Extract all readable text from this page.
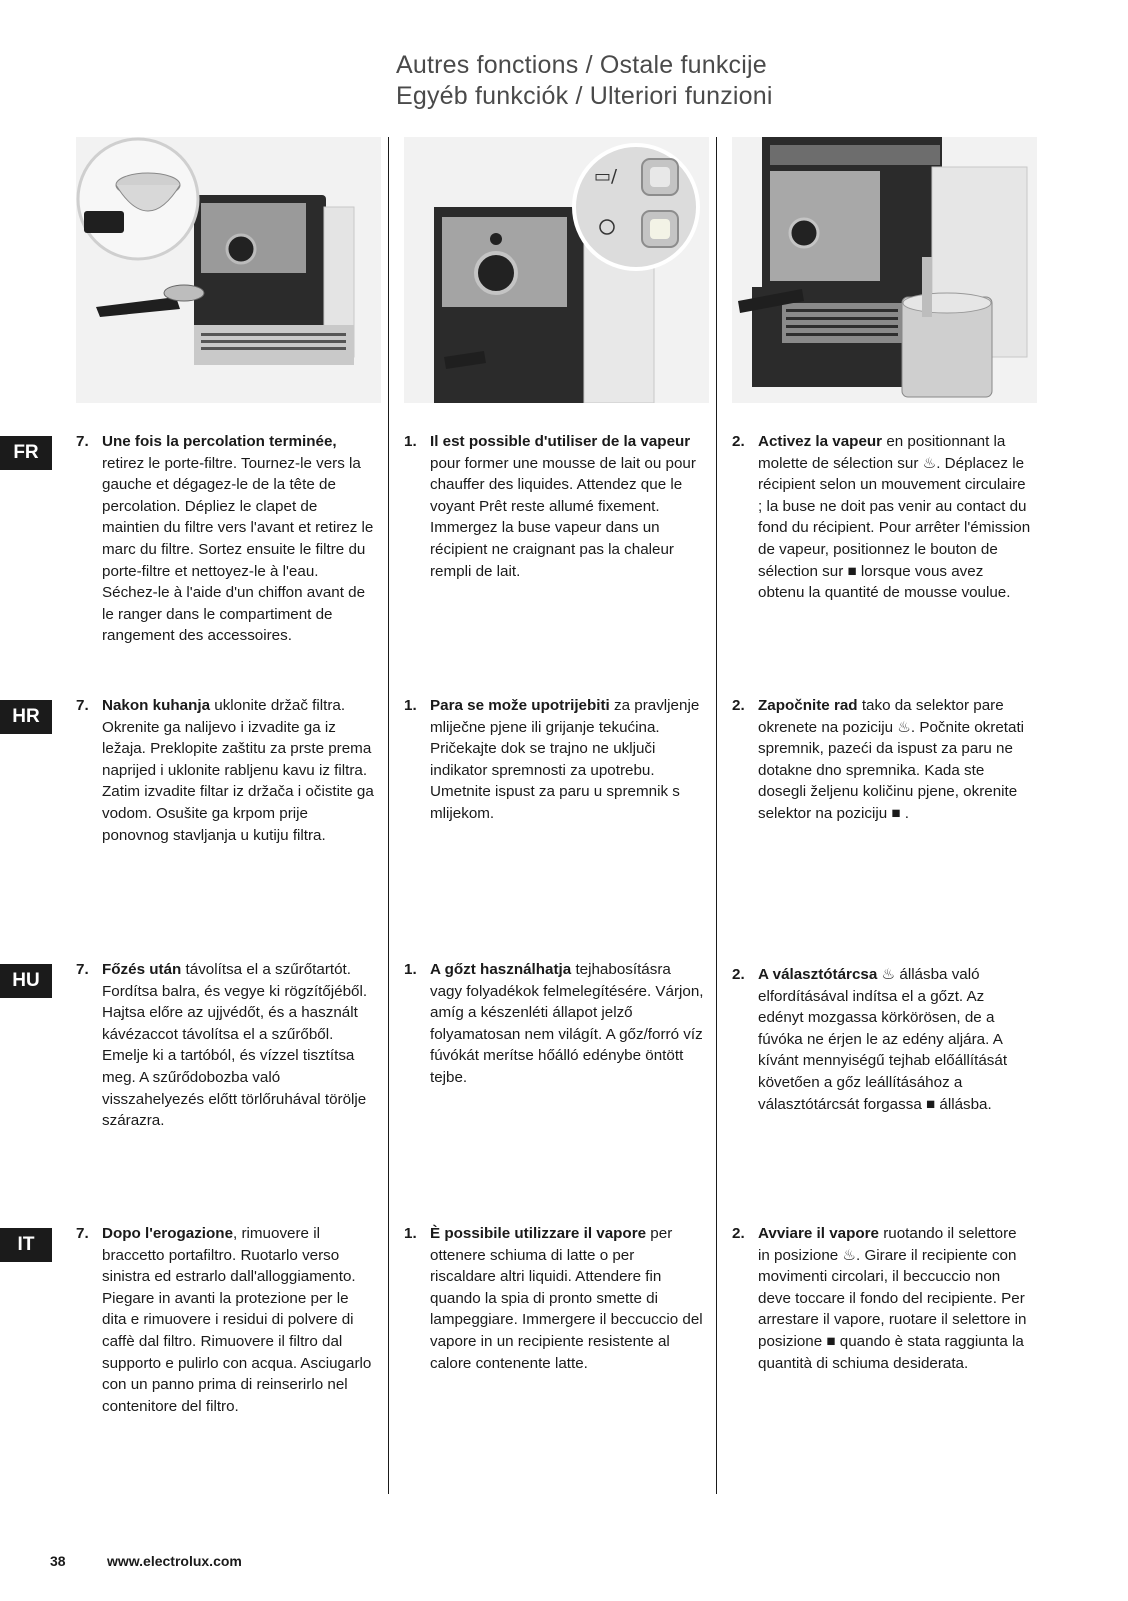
Autres fonctions / Ostale funkcije
Egyéb funkciók / Ulteriori funzioni
▭/
FR
HR
HU
IT
7. Une fois la percolation terminée, retirez le porte-filtre. Tournez-le vers la gauche et dégagez-le de la tête de percolation. Dépliez le clapet de maintien du filtre vers l'avant et retirez le marc du filtre. Sortez ensuite le filtre du porte-filtre et nettoyez-le à l'eau. Séchez-le à l'aide d'un chiffon avant de le ranger dans le compartiment de rangement des accessoires.
1. Il est possible d'utiliser de la vapeur pour former une mousse de lait ou pour chauffer des liquides. Attendez que le voyant Prêt reste allumé fixement. Immergez la buse vapeur dans un récipient ne craignant pas la chaleur rempli de lait.
2. Activez la vapeur en positionnant la molette de sélection sur ♨. Déplacez le récipient selon un mouvement circulaire ; la buse ne doit pas venir au contact du fond du récipient. Pour arrêter l'émission de vapeur, positionnez le bouton de sélection sur ■ lorsque vous avez obtenu la quantité de mousse voulue.
7. Nakon kuhanja uklonite držač filtra. Okrenite ga nalijevo i izvadite ga iz ležaja. Preklopite zaštitu za prste prema naprijed i uklonite rabljenu kavu iz filtra. Zatim izvadite filtar iz držača i očistite ga vodom. Osušite ga krpom prije ponovnog stavljanja u kutiju filtra.
1. Para se može upotrijebiti za pravljenje mliječne pjene ili grijanje tekućina. Pričekajte dok se trajno ne uključi indikator spremnosti za upotrebu. Umetnite ispust za paru u spremnik s mlijekom.
2. Započnite rad tako da selektor pare okrenete na poziciju ♨. Počnite okretati spremnik, pazeći da ispust za paru ne dotakne dno spremnika. Kada ste dosegli željenu količinu pjene, okrenite selektor na poziciju ■ .
7. Főzés után távolítsa el a szűrőtartót. Fordítsa balra, és vegye ki rögzítőjéből. Hajtsa előre az ujjvédőt, és a használt kávézaccot távolítsa el a szűrőből. Emelje ki a tartóból, és vízzel tisztítsa meg. A szűrődobozba való visszahelyezés előtt törlőruhával törölje szárazra.
1. A gőzt használhatja tejhabosításra vagy folyadékok felmelegítésére. Várjon, amíg a készenléti állapot jelző folyamatosan nem világít. A gőz/forró víz fúvókát merítse hőálló edénybe öntött tejbe.
2. A választótárcsa ♨ állásba való elfordításával indítsa el a gőzt. Az edényt mozgassa körkörösen, de a fúvóka ne érjen le az edény aljára. A kívánt mennyiségű tejhab előállítását követően a gőz leállításához a választótárcsát forgassa ■ állásba.
7. Dopo l'erogazione, rimuovere il braccetto portafiltro. Ruotarlo verso sinistra ed estrarlo dall'alloggiamento. Piegare in avanti la protezione per le dita e rimuovere i residui di polvere di caffè dal filtro. Rimuovere il filtro dal supporto e pulirlo con acqua. Asciugarlo con un panno prima di reinserirlo nel contenitore del filtro.
1. È possibile utilizzare il vapore per ottenere schiuma di latte o per riscaldare altri liquidi. Attendere fin quando la spia di pronto smette di lampeggiare. Immergere il beccuccio del vapore in un recipiente resistente al calore contenente latte.
2. Avviare il vapore ruotando il selettore in posizione ♨. Girare il recipiente con movimenti circolari, il beccuccio non deve toccare il fondo del recipiente. Per arrestare il vapore, ruotare il selettore in posizione ■ quando è stata raggiunta la quantità di schiuma desiderata.
38	www.electrolux.com
